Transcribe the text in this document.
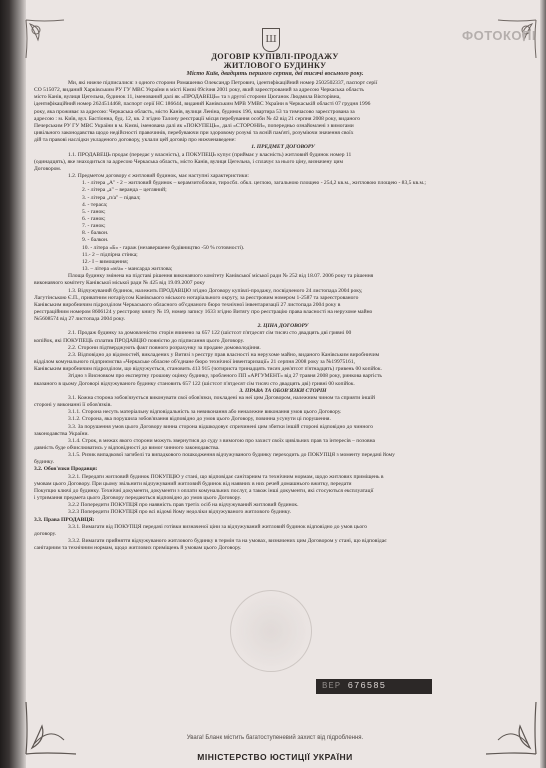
Ш	ФОТОКОПІ
ДОГОВІР КУПІВЛІ-ПРОДАЖУ
ЖИТЛОВОГО БУДИНКУ
Місто Київ, двадцять першого серпня, дві тисячі восьмого року.
Ми, які нижче підписалися: з одного сторони Ромашенко Олександр Петрович, ідентифікаційний номер 2502502337, паспорт серії
СО 515072, виданий Харківським РУ ГУ МВС України в місті Києві 09січня 2001 року, який зареєстрований за адресою Черкаська область
місто Канів, вулиця Цегельна, будинок 11, іменований далі як «ПРОДАВЕЦЬ» та з другої сторони Цюганок Людмила Вікторівна,
ідентифікаційний номер 2624514468, паспорт серії НС 186644, виданий Канівським МРВ УМВС України в Черкаській області 07 грудня 1996
року, яка проживає за адресою: Черкаська область, місто Канів, вулиця Леніна, будинок 196, квартира 53 та тимчасово зареєстрована за
адресою : м. Київ, вул. Бастіонна, буд. 12, кв. 2 згідно Талону реєстрації місця перебування особи № 42 від 21 серпня 2008 року, виданого
Печерським РУ ГУ МВС України в м. Києві, іменована далі як «ПОКУПЕЦЬ», далі «СТОРОНИ», попередньо ознайомлені з вимогами
цивільного законодавства щодо недійсності правочинів, перебуваючи при здоровому розумі та ясній пам'яті, розуміючи значення своїх
дій та правові наслідки укладеного договору, уклали цей договір про нижченаведене:
1. ПРЕДМЕТ ДОГОВОРУ
1.1. ПРОДАВЕЦЬ продає (передає у власність), а ПОКУПЕЦЬ купує (приймає у власність) житловий будинок номер 11
(одинадцять), яке знаходиться за адресою Черкаська область, місто Канів, вулиця Цегельна, і сплачує за нього ціну, визначену цим
Договором.
1.2. Предметом договору є житловий будинок, має наступні характеристики:
1. - літера „А" - 2 – житловий будинок – керамзитоблоки, тиросбл. обкл. цеглою, загальною площею - 254,2 кв.м., житловою площею - 83,5 кв.м.;
2. - літера „а" – веранда – цегляний;
3. - літера „п/а" – підвал;
4. - тераса;
5. - ганок;
6. - ганок;
7. - ганок;
8. - балкон.
9. - балкон.
10. - літера «Б» - гараж (незавершене будівництво -50 % готовності).
11.- 2 – підпірна стінка;
12.- I – вимощення;
13. – літера «м/а» - мансарда житлова;
Площа будинку змінена на підставі рішення виконавчого комітету Канівської міської ради № 252 від 18.07. 2006 року та рішення
виконавчого комітету Канівської міської ради № 425 від 19.09.2007 року
1.3. Відчужуваний будинок, належить ПРОДАВЦЮ згідно Договору купівлі-продажу, посвідченого 24 листопада 2004 року,
Лагутінською Є.П., приватним нотаріусом Канівського міського нотаріального округу, за реєстровим номером 1-2587 та зареєстрованого
Канівським виробничим підрозділом Черкаського обласного об'єднаного бюро технічної інвентаризації 27 листопада 2004 року в
реєстраційним номером 8606124 у реєстрову книгу № 19, номер запису 1633 згідно Витягу про реєстрацію права власності на нерухоме майно
№5608574 від 27 листопада 2004 року.
2. ЦІНА ДОГОВОРУ
2.1. Продаж будинку за домовленістю сторін вчинено за 657 122 (шістсот п'ятдесят сім тисяч сто двадцять дві гривні 00
копійок, які ПОКУПЕЦЬ сплатив ПРОДАВЦЮ повністю до підписання цього Договору.
2.2. Сторони підтверджують факт повного розрахунку за продане домоволодіння.
2.3. Відповідно до відомостей, викладених у Витязі з реєстру прав власності на нерухоме майно, виданого Канівським виробничим
відділом комунального підприємства «Черкаське обласне об'єднане бюро технічної інвентаризації» 21 серпня 2008 року за №19975161,
Канівським виробничим підрозділом, що відчужується, становить 413 915 (чотириста тринадцять тисяч дев'ятсот п'ятнадцять) гривень 00 копійок.
Згідно з Висновком про експертну грошову оцінку будинку, зробленого ПП «АРГУМЕНТ» від 27 травня 2008 року, ринкова вартість
вказаного в цьому Договорі відчужуваного будинку становить 657 122 (шістсот п'ятдесят сім тисяч сто двадцять дві) гривні 00 копійок.
3. ПРАВА ТА ОБОВ'ЯЗКИ СТОРІН
3.1. Кожна сторона зобов'язується виконувати свої обов'язки, покладені на неї цим Договором, належним чином та сприяти іншій
стороні у виконанні її обов'язків.
3.1.1. Сторона несуть матеріальну відповідальність за невиконання або неналежне виконання умов цього Договору.
3.1.2. Сторона, яка порушила зобов'язання відповідно до умов цього Договору, повинна усунути ці порушення.
3.3. За порушення умов цього Договору винна сторона відшкодовує спричинені цим збитки іншій стороні відповідно до чинного
законодавства України.
3.1.4. Строк, в межах якого сторони можуть звернутися до суду з вимогою про захист своїх цивільних прав та інтересів – позовна
давність буде обчислюватись у відповідності до вимог чинного законодавства.
3.1.5. Ризик випадкової загибелі та випадкового пошкодження відчужуваного будинку переходить до ПОКУПЦЯ з моменту передачі йому
будинку.
3.2. Обов'язки Продавця:
3.2.1. Передати житловий будинок ПОКУПЦЮ у стані, що відповідає санітарним та технічним нормам, щодо житлових приміщень в
умовам цього Договору. При цьому звільнити відчужуваний житловий будинок від наявних в них речей домашнього вжитку, передати
Покупцю ключі до будинку. Технічні документи, документи з оплати комунальних послуг, а також інші документи, які стосуються експлуатації
і утримання предмета цього Договору передаються відповідно до умов цього Договору.
3.2.2 Попередити ПОКУПЦЯ про наявність прав третіх осіб на відчужуваний житловий будинок.
3.2.3 Попередити ПОКУПЦЯ про всі відомі йому недоліки відчужуваного житлового будинку.
3.3. Права ПРОДАВЦЯ:
3.3.1. Вимагати від ПОКУПЦЯ передачі готівки визначеної ціни за відчужуваний житловий будинок відповідно до умов цього
договору.
3.3.2. Вимагати прийняття відчужуваного житлового будинку в термін та на умовах, визначених цим Договором у стані, що відповідає
санітарним та технічним нормам, щодо житлових приміщень й умовам цього Договору.
ВЕР 676585
Увага! Бланк містить багатоступеневий захист від підроблення.
МІНІСТЕРСТВО ЮСТИЦІЇ УКРАЇНИ
